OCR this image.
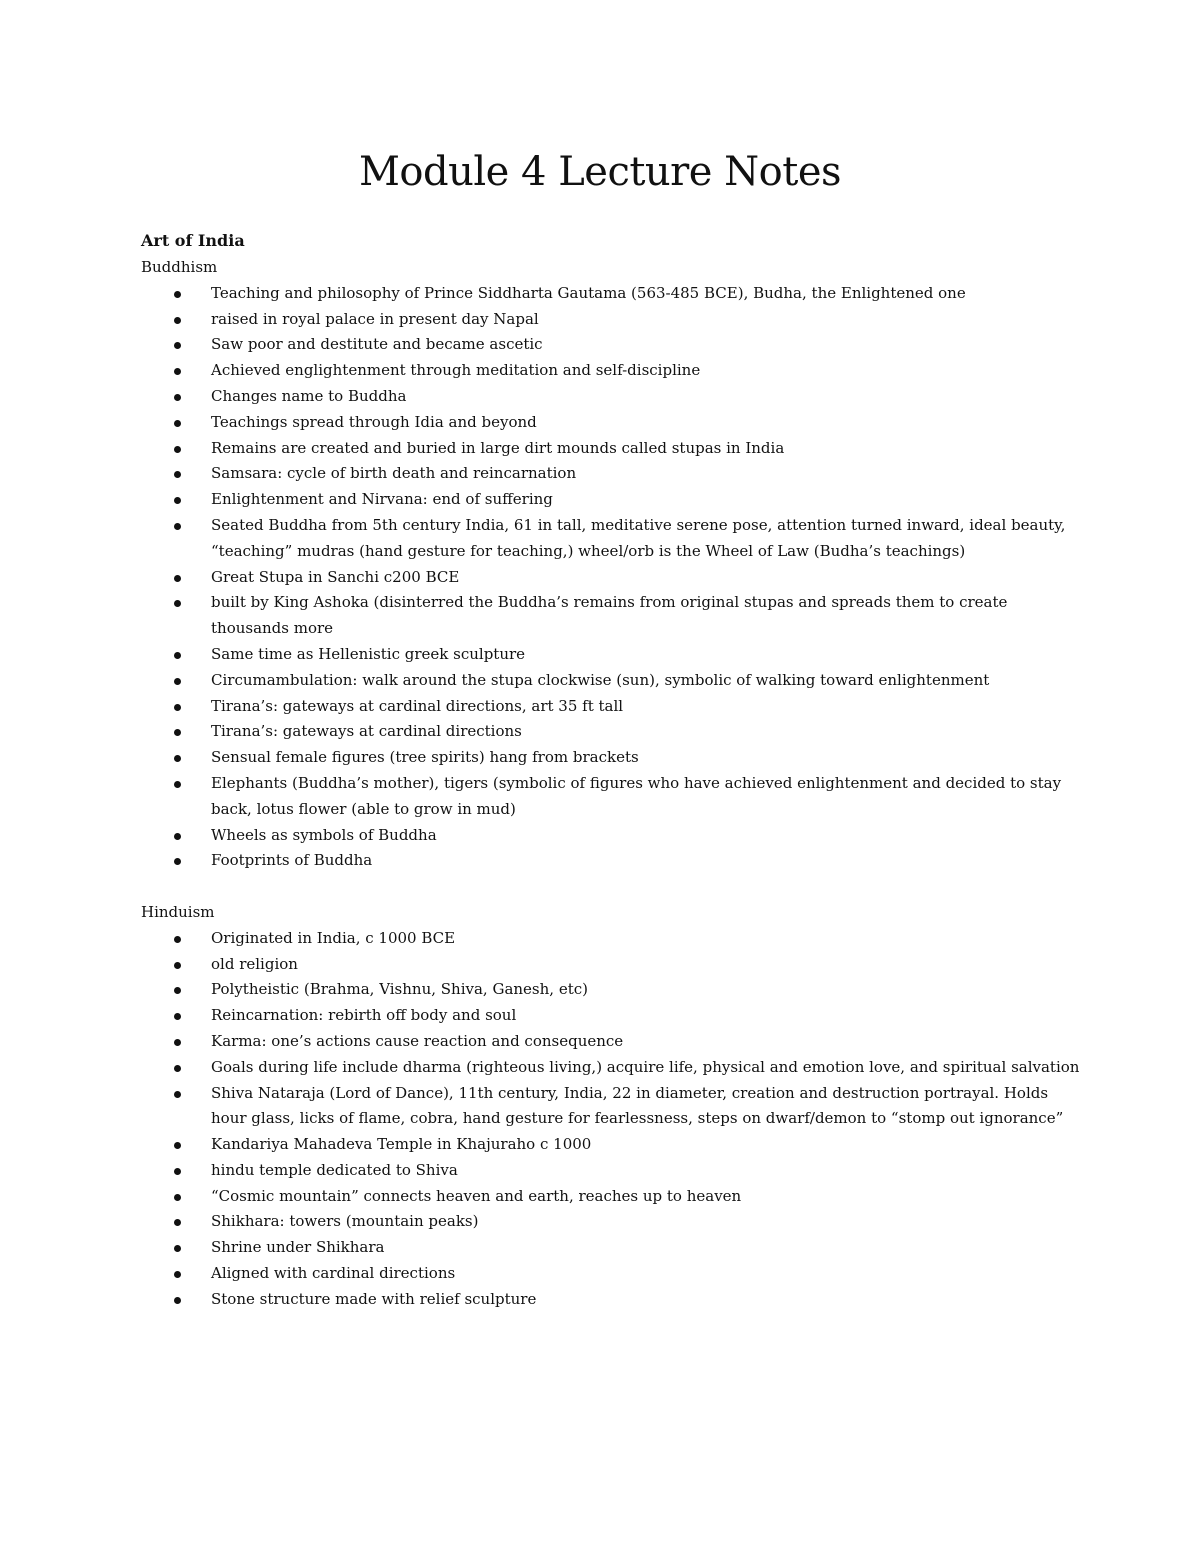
Module 4 Lecture Notes
Art of India

Buddhism

Teaching and philosophy of Prince Siddharta Gautama (563-485 BCE), Budha, the Enlightened one
raised in royal palace in present day Napal
Saw poor and destitute and became ascetic
Achieved englightenment through meditation and self-discipline
Changes name to Buddha
Teachings spread through Idia and beyond
Remains are created and buried in large dirt mounds called stupas in India
Samsara: cycle of birth death and reincarnation
Enlightenment and Nirvana: end of suffering
Seated Buddha from 5th century India, 61 in tall, meditative serene pose, attention turned inward, ideal beauty, “teaching” mudras (hand gesture for teaching,) wheel/orb is the Wheel of Law (Budha’s teachings)
Great Stupa in Sanchi c200 BCE
built by King Ashoka (disinterred the Buddha’s remains from original stupas and spreads them to create thousands more
Same time as Hellenistic greek sculpture
Circumambulation: walk around the stupa clockwise (sun), symbolic of walking toward enlightenment
Tirana’s: gateways at cardinal directions, art 35 ft tall
Tirana’s: gateways at cardinal directions
Sensual female figures (tree spirits) hang from brackets
Elephants (Buddha’s mother), tigers (symbolic of figures who have achieved enlightenment and decided to stay back, lotus flower (able to grow in mud)
Wheels as symbols of Buddha
Footprints of Buddha

Hinduism

Originated in India, c 1000 BCE
old religion
Polytheistic (Brahma, Vishnu, Shiva, Ganesh, etc)
Reincarnation: rebirth off body and soul
Karma: one’s actions cause reaction and consequence
Goals during life include dharma (righteous living,) acquire life, physical and emotion love, and spiritual salvation
Shiva Nataraja (Lord of Dance), 11th century, India, 22 in diameter, creation and destruction portrayal. Holds hour glass, licks of flame, cobra, hand gesture for fearlessness, steps on dwarf/demon to “stomp out ignorance”
Kandariya Mahadeva Temple in Khajuraho c 1000
hindu temple dedicated to Shiva
“Cosmic mountain” connects heaven and earth, reaches up to heaven
Shikhara: towers (mountain peaks)
Shrine under Shikhara
Aligned with cardinal directions
Stone structure made with relief sculpture
